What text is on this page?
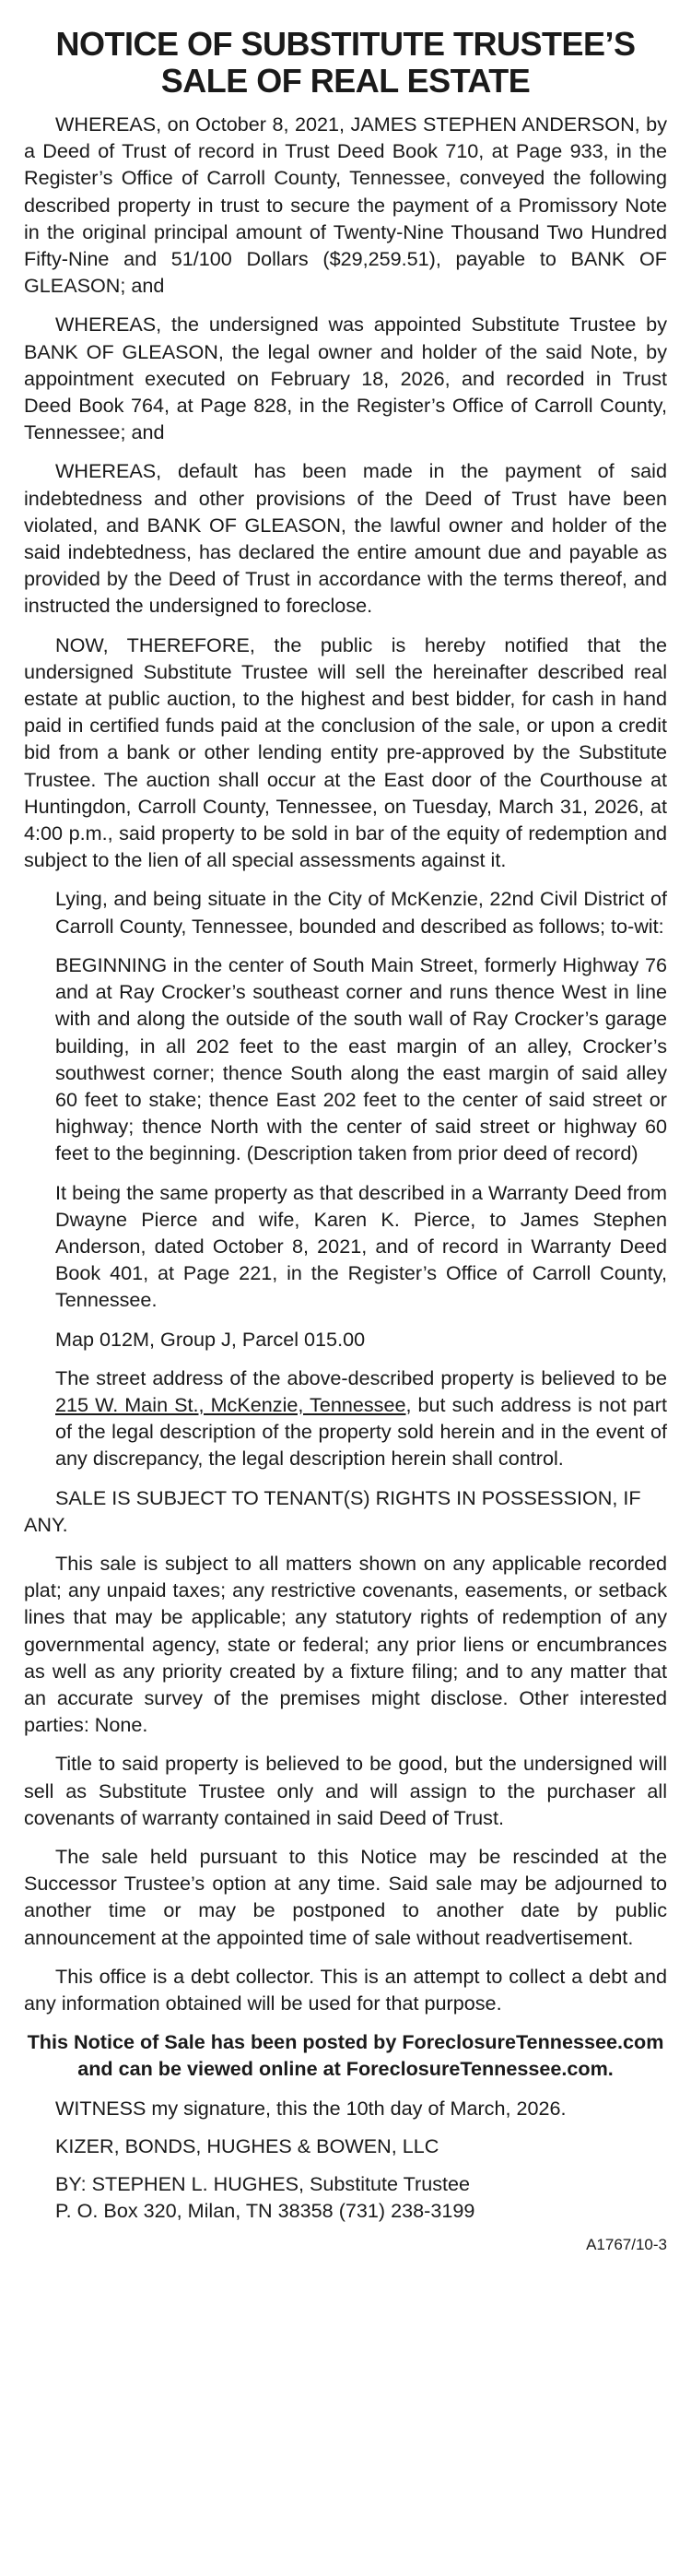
NOTICE OF SUBSTITUTE TRUSTEE’S
SALE OF REAL ESTATE

WHEREAS, on October 8, 2021, JAMES STEPHEN ANDERSON, by a Deed of Trust of record in Trust Deed Book 710, at Page 933, in the Register’s Office of Carroll County, Tennessee, conveyed the following described property in trust to secure the payment of a Promissory Note in the original principal amount of Twenty-Nine Thousand Two Hundred Fifty-Nine and 51/100 Dollars ($29,259.51), payable to BANK OF GLEASON; and

WHEREAS, the undersigned was appointed Substitute Trustee by BANK OF GLEASON, the legal owner and holder of the said Note, by appointment executed on February 18, 2026, and recorded in Trust Deed Book 764, at Page 828, in the Register’s Office of Carroll County, Tennessee; and

WHEREAS, default has been made in the payment of said indebtedness and other provisions of the Deed of Trust have been violated, and BANK OF GLEASON, the lawful owner and holder of the said indebtedness, has declared the entire amount due and payable as provided by the Deed of Trust in accordance with the terms thereof, and instructed the undersigned to foreclose.

NOW, THEREFORE, the public is hereby notified that the undersigned Substitute Trustee will sell the hereinafter described real estate at public auction, to the highest and best bidder, for cash in hand paid in certified funds paid at the conclusion of the sale, or upon a credit bid from a bank or other lending entity pre-approved by the Substitute Trustee. The auction shall occur at the East door of the Courthouse at Huntingdon, Carroll County, Tennessee, on Tuesday, March 31, 2026, at 4:00 p.m., said property to be sold in bar of the equity of redemption and subject to the lien of all special assessments against it.

Lying, and being situate in the City of McKenzie, 22nd Civil District of Carroll County, Tennessee, bounded and described as follows; to-wit:

BEGINNING in the center of South Main Street, formerly Highway 76 and at Ray Crocker’s southeast corner and runs thence West in line with and along the outside of the south wall of Ray Crocker’s garage building, in all 202 feet to the east margin of an alley, Crocker’s southwest corner; thence South along the east margin of said alley 60 feet to stake; thence East 202 feet to the center of said street or highway; thence North with the center of said street or highway 60 feet to the beginning. (Description taken from prior deed of record)

It being the same property as that described in a Warranty Deed from Dwayne Pierce and wife, Karen K. Pierce, to James Stephen Anderson, dated October 8, 2021, and of record in Warranty Deed Book 401, at Page 221, in the Register’s Office of Carroll County, Tennessee.

Map 012M, Group J, Parcel 015.00

The street address of the above-described property is believed to be 215 W. Main St., McKenzie, Tennessee, but such address is not part of the legal description of the property sold herein and in the event of any discrepancy, the legal description herein shall control.

SALE IS SUBJECT TO TENANT(S) RIGHTS IN POSSESSION, IF ANY.

This sale is subject to all matters shown on any applicable recorded plat; any unpaid taxes; any restrictive covenants, easements, or setback lines that may be applicable; any statutory rights of redemption of any governmental agency, state or federal; any prior liens or encumbrances as well as any priority created by a fixture filing; and to any matter that an accurate survey of the premises might disclose. Other interested parties: None.

Title to said property is believed to be good, but the undersigned will sell as Substitute Trustee only and will assign to the purchaser all covenants of warranty contained in said Deed of Trust.

The sale held pursuant to this Notice may be rescinded at the Successor Trustee’s option at any time. Said sale may be adjourned to another time or may be postponed to another date by public announcement at the appointed time of sale without readvertisement.

This office is a debt collector. This is an attempt to collect a debt and any information obtained will be used for that purpose.

This Notice of Sale has been posted by ForeclosureTennessee.com and can be viewed online at ForeclosureTennessee.com.

WITNESS my signature, this the 10th day of March, 2026.

KIZER, BONDS, HUGHES & BOWEN, LLC

BY: STEPHEN L. HUGHES, Substitute Trustee
P. O. Box 320, Milan, TN 38358 (731) 238-3199

A1767/10-3
